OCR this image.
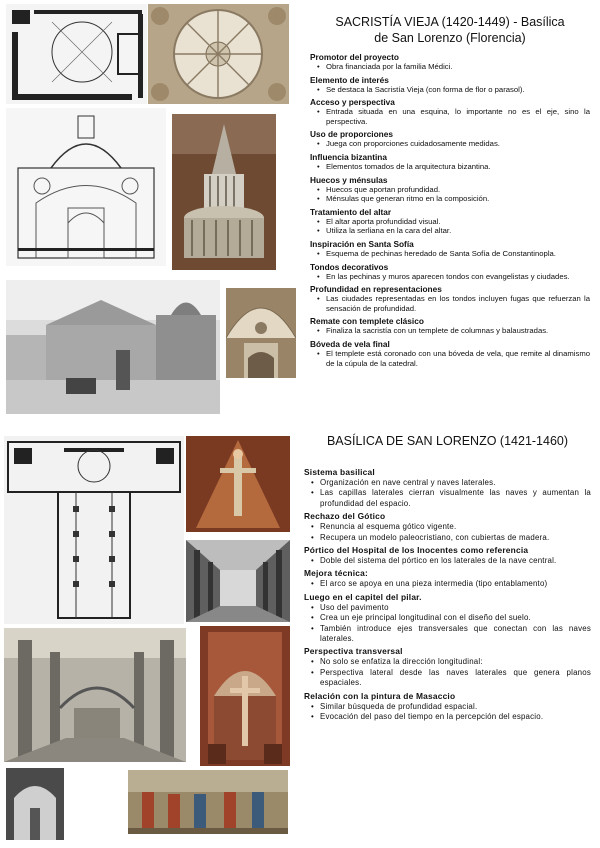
SACRISTÍA VIEJA (1420-1449) - Basílica
de San Lorenzo (Florencia)
Promotor del proyecto
• Obra financiada por la familia Médici.
Elemento de interés
• Se destaca la Sacristía Vieja (con forma de flor o parasol).
Acceso y perspectiva
• Entrada situada en una esquina, lo importante no es el eje, sino la perspectiva.
Uso de proporciones
• Juega con proporciones cuidadosamente medidas.
Influencia bizantina
• Elementos tomados de la arquitectura bizantina.
Huecos y ménsulas
• Huecos que aportan profundidad.
• Ménsulas que generan ritmo en la composición.
Tratamiento del altar
• El altar aporta profundidad visual.
• Utiliza la serliana en la cara del altar.
Inspiración en Santa Sofía
• Esquema de pechinas heredado de Santa Sofía de Constantinopla.
Tondos decorativos
• En las pechinas y muros aparecen tondos con evangelistas y ciudades.
Profundidad en representaciones
• Las ciudades representadas en los tondos incluyen fugas que refuerzan la sensación de profundidad.
Remate con templete clásico
• Finaliza la sacristía con un templete de columnas y balaustradas.
Bóveda de vela final
• El templete está coronado con una bóveda de vela, que remite al dinamismo de la cúpula de la catedral.
BASÍLICA DE SAN LORENZO (1421-1460)
Sistema basilical
• Organización en nave central y naves laterales.
• Las capillas laterales cierran visualmente las naves y aumentan la profundidad del espacio.
Rechazo del Gótico
• Renuncia al esquema gótico vigente.
• Recupera un modelo paleocristiano, con cubiertas de madera.
Pórtico del Hospital de los Inocentes como referencia
• Doble del sistema del pórtico en los laterales de la nave central.
Mejora técnica:
• El arco se apoya en una pieza intermedia (tipo entablamento)
Luego en el capitel del pilar.
• Uso del pavimento
• Crea un eje principal longitudinal con el diseño del suelo.
• También introduce ejes transversales que conectan con las naves laterales.
Perspectiva transversal
• No solo se enfatiza la dirección longitudinal:
• Perspectiva lateral desde las naves laterales que genera planos espaciales.
Relación con la pintura de Masaccio
• Similar búsqueda de profundidad espacial.
• Evocación del paso del tiempo en la percepción del espacio.
